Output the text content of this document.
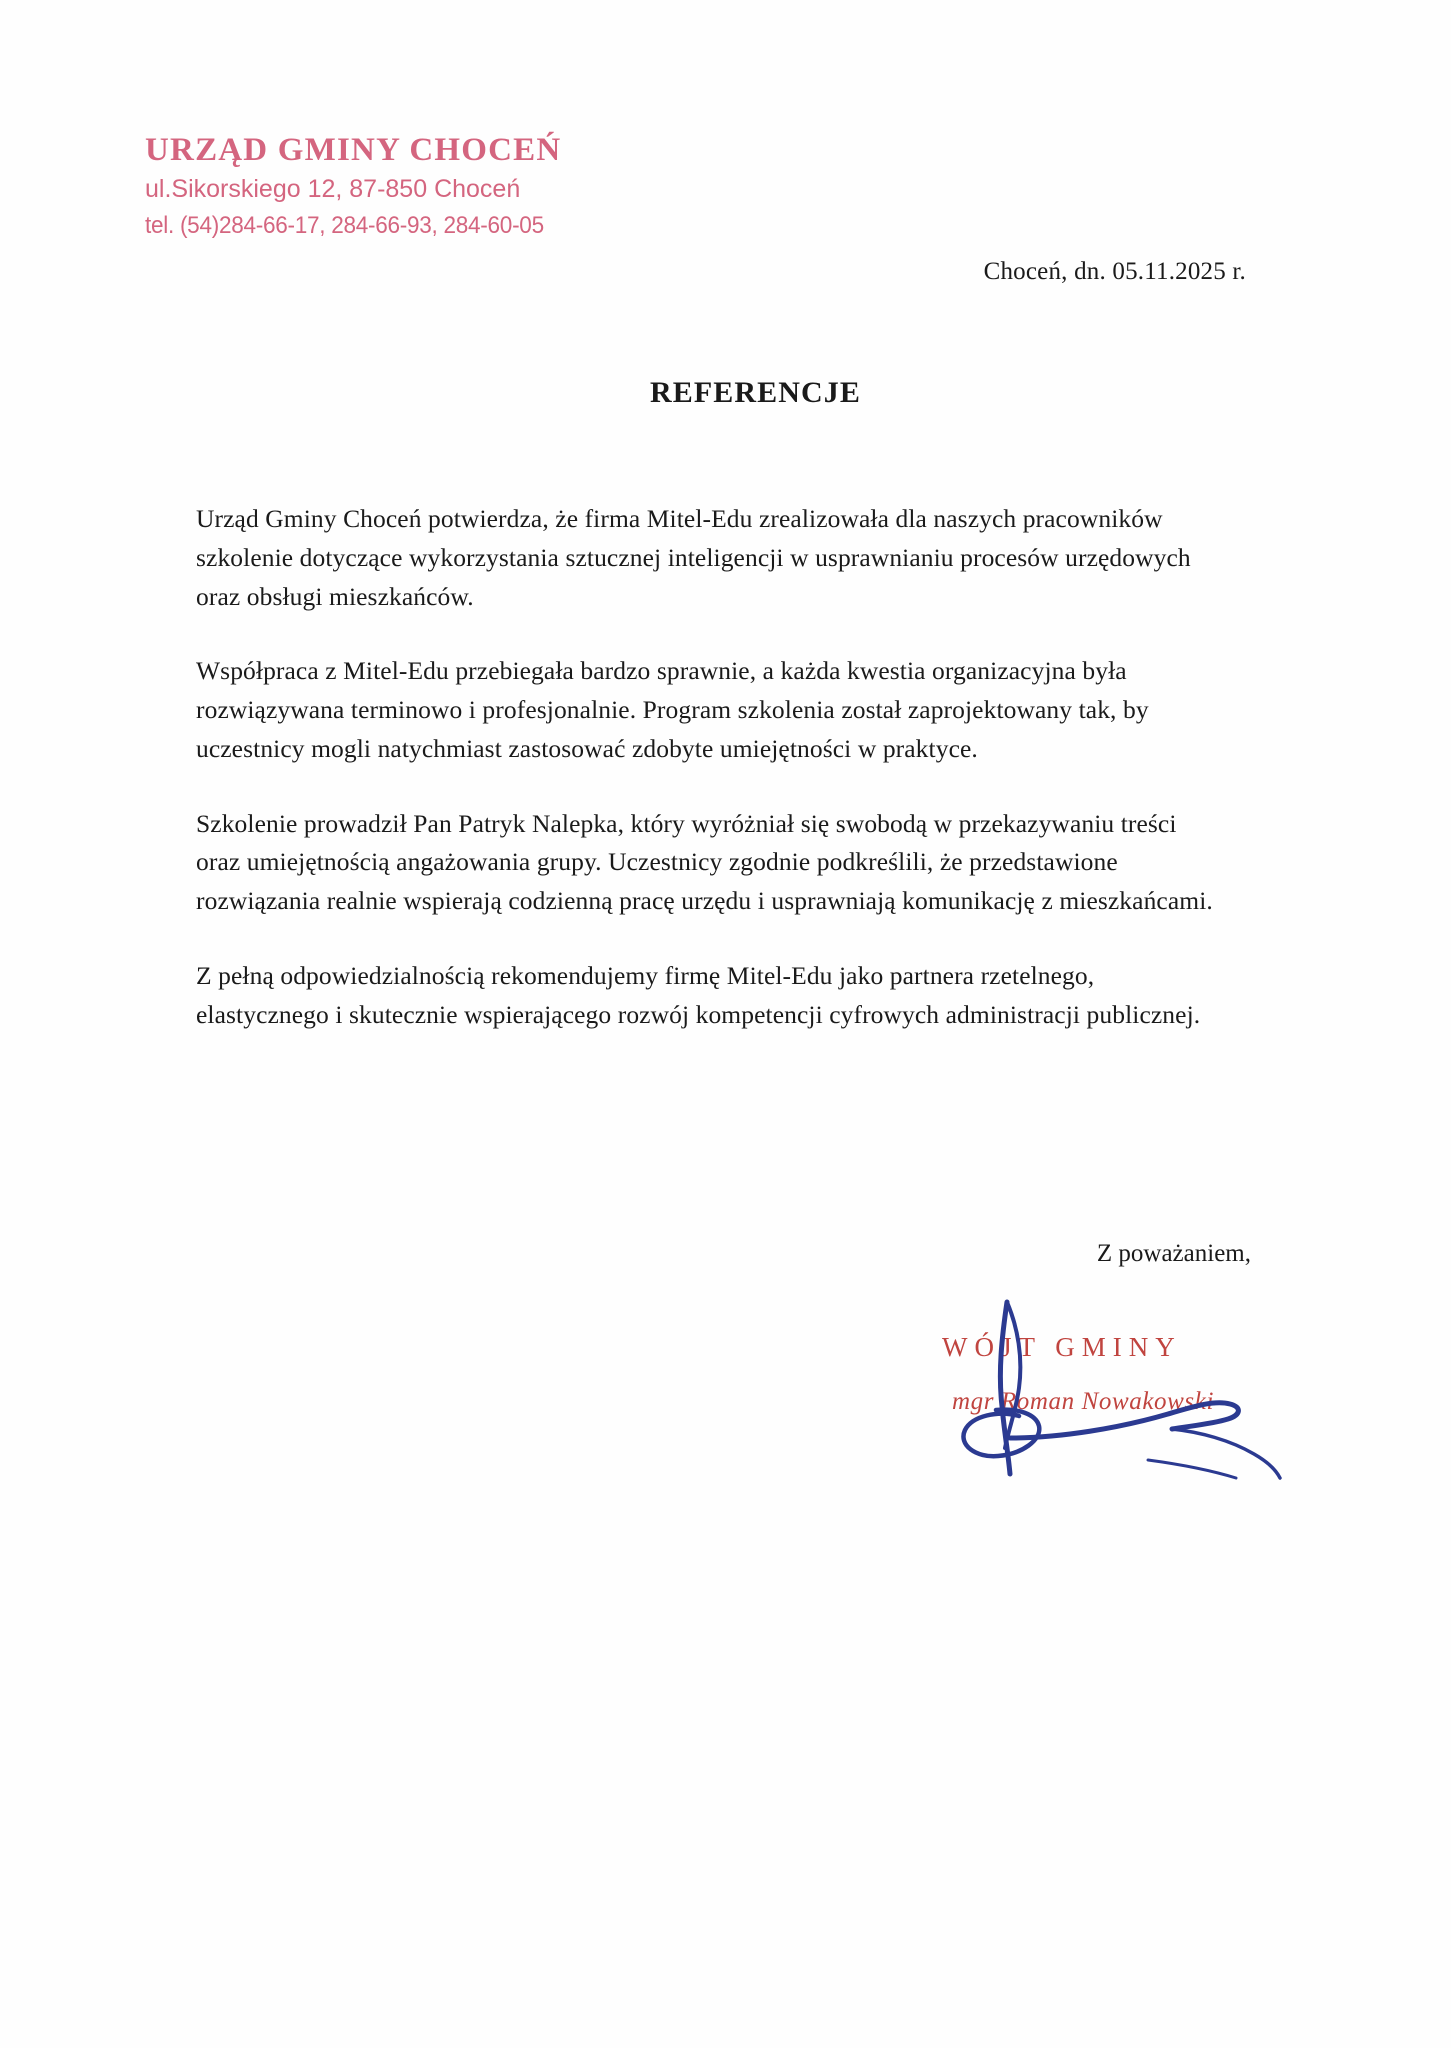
URZĄD GMINY CHOCEŃ
ul.Sikorskiego 12, 87-850 Choceń
tel. (54)284-66-17, 284-66-93, 284-60-05
Choceń, dn. 05.11.2025 r.
REFERENCJE

Urząd Gminy Choceń potwierdza, że firma Mitel-Edu zrealizowała dla naszych pracowników szkolenie dotyczące wykorzystania sztucznej inteligencji w usprawnianiu procesów urzędowych oraz obsługi mieszkańców.

Współpraca z Mitel-Edu przebiegała bardzo sprawnie, a każda kwestia organizacyjna była rozwiązywana terminowo i profesjonalnie. Program szkolenia został zaprojektowany tak, by uczestnicy mogli natychmiast zastosować zdobyte umiejętności w praktyce.

Szkolenie prowadził Pan Patryk Nalepka, który wyróżniał się swobodą w przekazywaniu treści oraz umiejętnością angażowania grupy. Uczestnicy zgodnie podkreślili, że przedstawione rozwiązania realnie wspierają codzienną pracę urzędu i usprawniają komunikację z mieszkańcami.

Z pełną odpowiedzialnością rekomendujemy firmę Mitel-Edu jako partnera rzetelnego, elastycznego i skutecznie wspierającego rozwój kompetencji cyfrowych administracji publicznej.

Z poważaniem,
WÓJT GMINY
mgr Roman Nowakowski
